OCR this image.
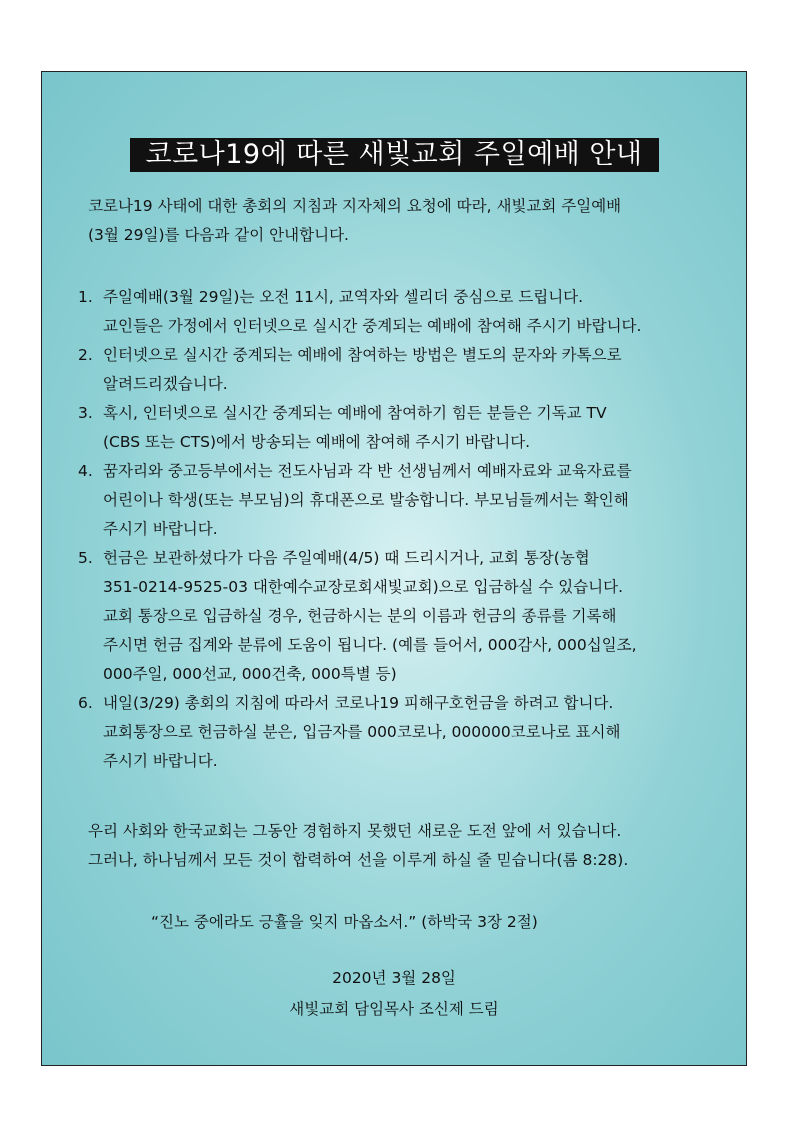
코로나19에 따른 새빛교회 주일예배 안내
코로나19 사태에 대한 총회의 지침과 지자체의 요청에 따라, 새빛교회 주일예배
(3월 29일)를 다음과 같이 안내합니다.
1. 주일예배(3월 29일)는 오전 11시, 교역자와 셀리더 중심으로 드립니다.
교인들은 가정에서 인터넷으로 실시간 중계되는 예배에 참여해 주시기 바랍니다.
2. 인터넷으로 실시간 중계되는 예배에 참여하는 방법은 별도의 문자와 카톡으로
알려드리겠습니다.
3. 혹시, 인터넷으로 실시간 중계되는 예배에 참여하기 힘든 분들은 기독교 TV
(CBS 또는 CTS)에서 방송되는 예배에 참여해 주시기 바랍니다.
4. 꿈자리와 중고등부에서는 전도사님과 각 반 선생님께서 예배자료와 교육자료를
어린이나 학생(또는 부모님)의 휴대폰으로 발송합니다. 부모님들께서는 확인해
주시기 바랍니다.
5. 헌금은 보관하셨다가 다음 주일예배(4/5) 때 드리시거나, 교회 통장(농협
351-0214-9525-03 대한예수교장로회새빛교회)으로 입금하실 수 있습니다.
교회 통장으로 입금하실 경우, 헌금하시는 분의 이름과 헌금의 종류를 기록해
주시면 헌금 집계와 분류에 도움이 됩니다. (예를 들어서, 000감사, 000십일조,
000주일, 000선교, 000건축, 000특별 등)
6. 내일(3/29) 총회의 지침에 따라서 코로나19 피해구호헌금을 하려고 합니다.
교회통장으로 헌금하실 분은, 입금자를 000코로나, 000000코로나로 표시해
주시기 바랍니다.
우리 사회와 한국교회는 그동안 경험하지 못했던 새로운 도전 앞에 서 있습니다.
그러나, 하나님께서 모든 것이 합력하여 선을 이루게 하실 줄 믿습니다(롬 8:28).
“진노 중에라도 긍휼을 잊지 마옵소서.” (하박국 3장 2절)
2020년 3월 28일
새빛교회 담임목사 조신제 드림
